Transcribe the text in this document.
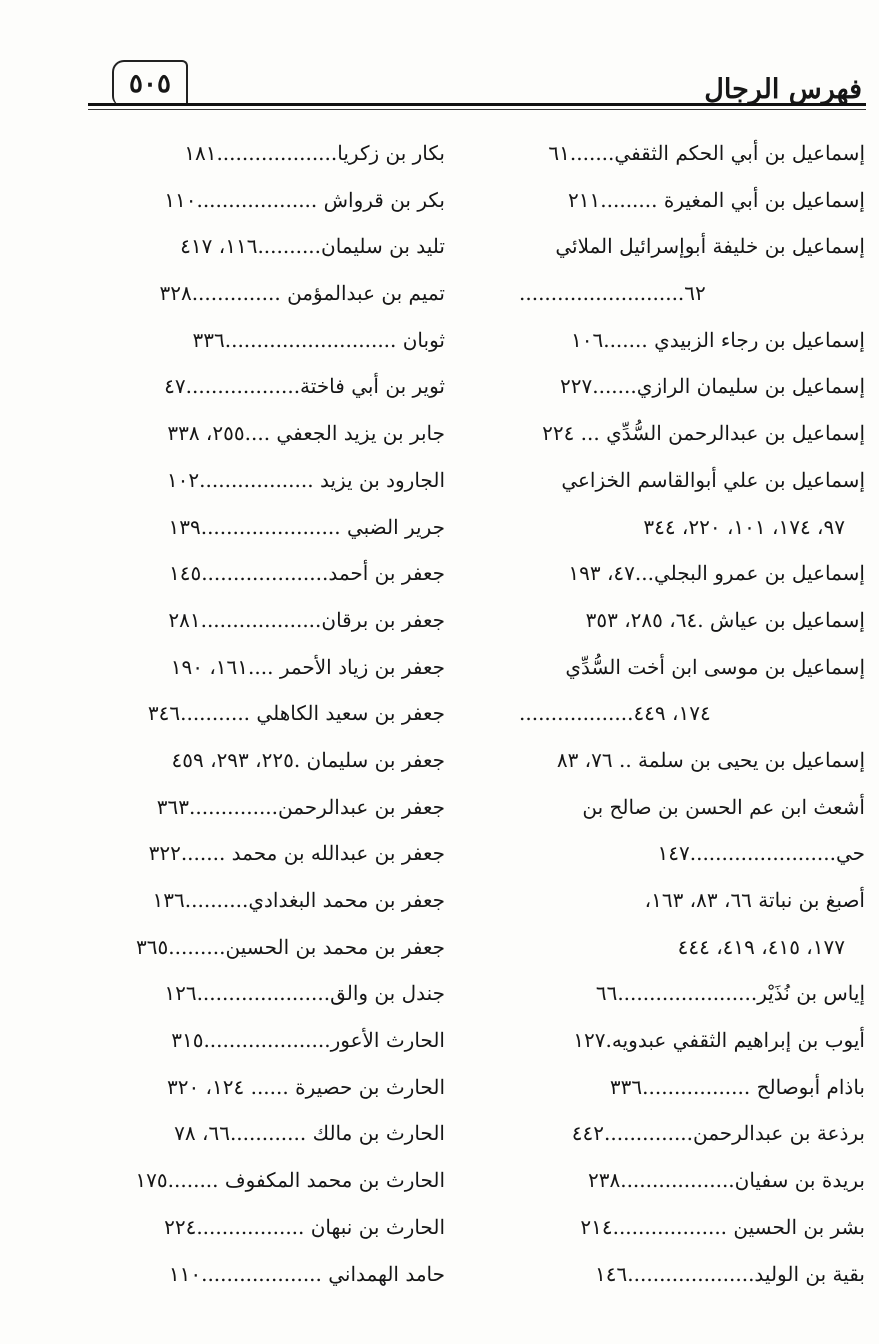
٥٠٥	فهرس الرجال
إسماعيل بن أبي الحكم الثقفي.......٦١
إسماعيل بن أبي المغيرة .........٢١١
إسماعيل بن خليفة أبوإسرائيل الملائي
٦٢..........................
إسماعيل بن رجاء الزبيدي .......١٠٦
إسماعيل بن سليمان الرازي.......٢٢٧
إسماعيل بن عبدالرحمن السُّدِّي ... ٢٢٤
إسماعيل بن علي أبوالقاسم الخزاعي
٩٧، ١٧٤، ١٠١، ٢٢٠، ٣٤٤
إسماعيل بن عمرو البجلي...٤٧، ١٩٣
إسماعيل بن عياش .٦٤، ٢٨٥، ٣٥٣
إسماعيل بن موسى ابن أخت السُّدِّي
١٧٤، ٤٤٩..................
إسماعيل بن يحيى بن سلمة .. ٧٦، ٨٣
أشعث ابن عم الحسن بن صالح بن
حي.......................١٤٧
أصبغ بن نباتة ٦٦، ٨٣، ١٦٣،
١٧٧، ٤١٥، ٤١٩، ٤٤٤
إياس بن نُذَيْر......................٦٦
أيوب بن إبراهيم الثقفي عبدويه.١٢٧
باذام أبوصالح .................٣٣٦
برذعة بن عبدالرحمن..............٤٤٢
بريدة بن سفيان..................٢٣٨
بشر بن الحسين ..................٢١٤
بقية بن الوليد....................١٤٦
بكار بن زكريا...................١٨١
بكر بن قرواش ...................١١٠
تليد بن سليمان..........١١٦، ٤١٧
تميم بن عبدالمؤمن ..............٣٢٨
ثوبان ...........................٣٣٦
ثوير بن أبي فاختة..................٤٧
جابر بن يزيد الجعفي ....٢٥٥، ٣٣٨
الجارود بن يزيد ..................١٠٢
جرير الضبي ......................١٣٩
جعفر بن أحمد....................١٤٥
جعفر بن برقان...................٢٨١
جعفر بن زياد الأحمر ....١٦١، ١٩٠
جعفر بن سعيد الكاهلي ...........٣٤٦
جعفر بن سليمان .٢٢٥، ٢٩٣، ٤٥٩
جعفر بن عبدالرحمن..............٣٦٣
جعفر بن عبدالله بن محمد .......٣٢٢
جعفر بن محمد البغدادي..........١٣٦
جعفر بن محمد بن الحسين.........٣٦٥
جندل بن والق.....................١٢٦
الحارث الأعور....................٣١٥
الحارث بن حصيرة ...... ١٢٤، ٣٢٠
الحارث بن مالك ............٦٦، ٧٨
الحارث بن محمد المكفوف ........١٧٥
الحارث بن نبهان .................٢٢٤
حامد الهمداني ...................١١٠
